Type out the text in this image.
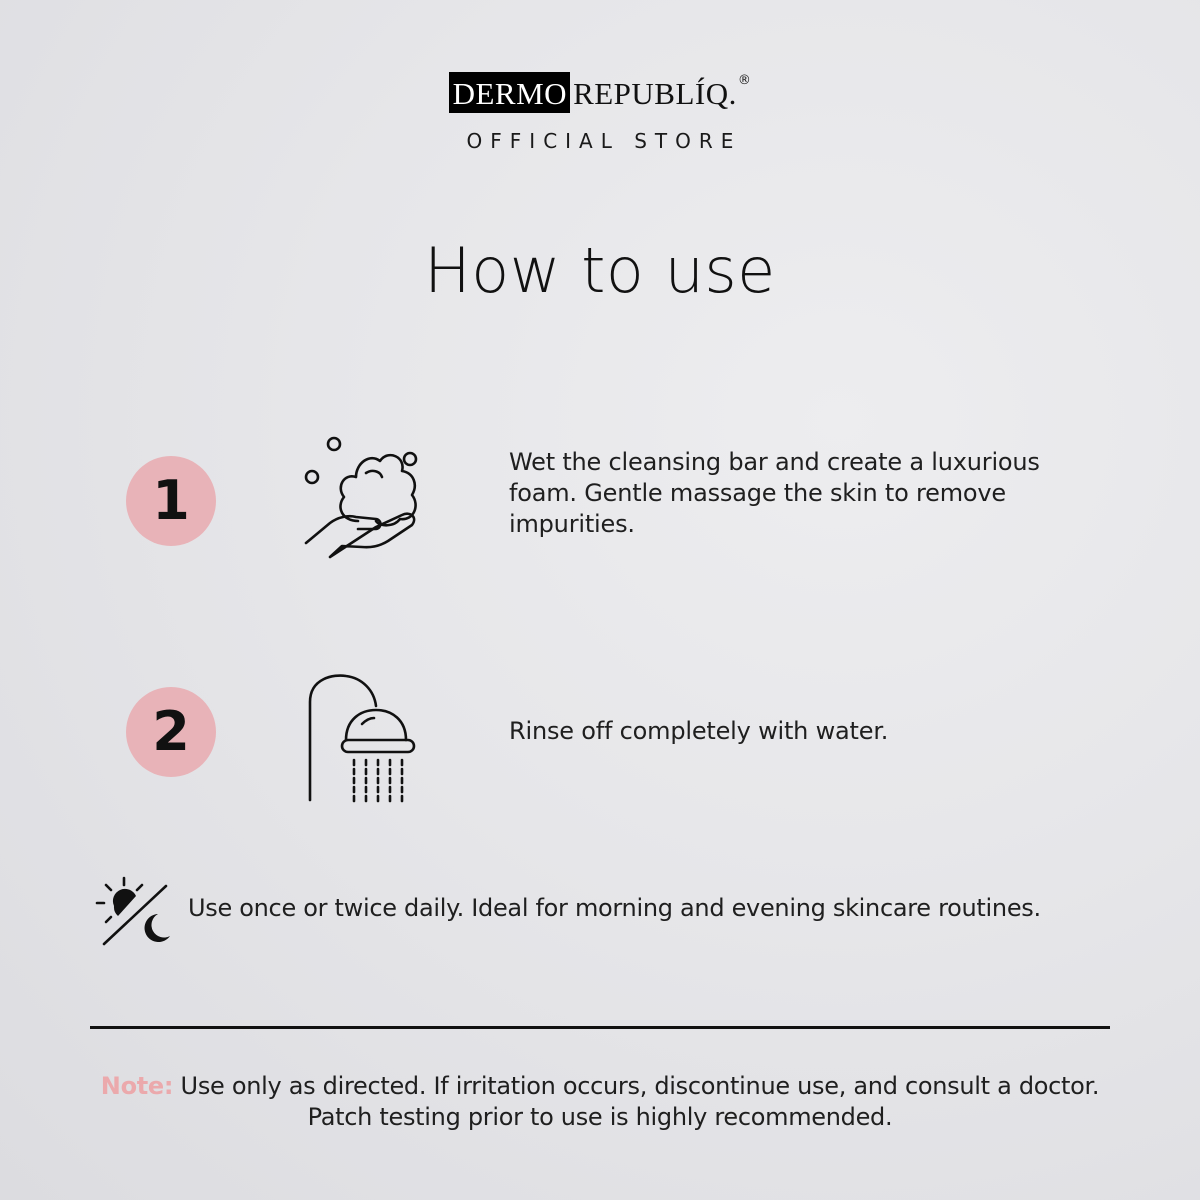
DERMO REPUBLÍQ. ®
OFFICIAL STORE
How to use
1
Wet the cleansing bar and create a luxurious foam. Gentle massage the skin to remove impurities.
2	Rinse off completely with water.
Use once or twice daily. Ideal for morning and evening skincare routines.
Note: Use only as directed. If irritation occurs, discontinue use, and consult a doctor.
Patch testing prior to use is highly recommended.
